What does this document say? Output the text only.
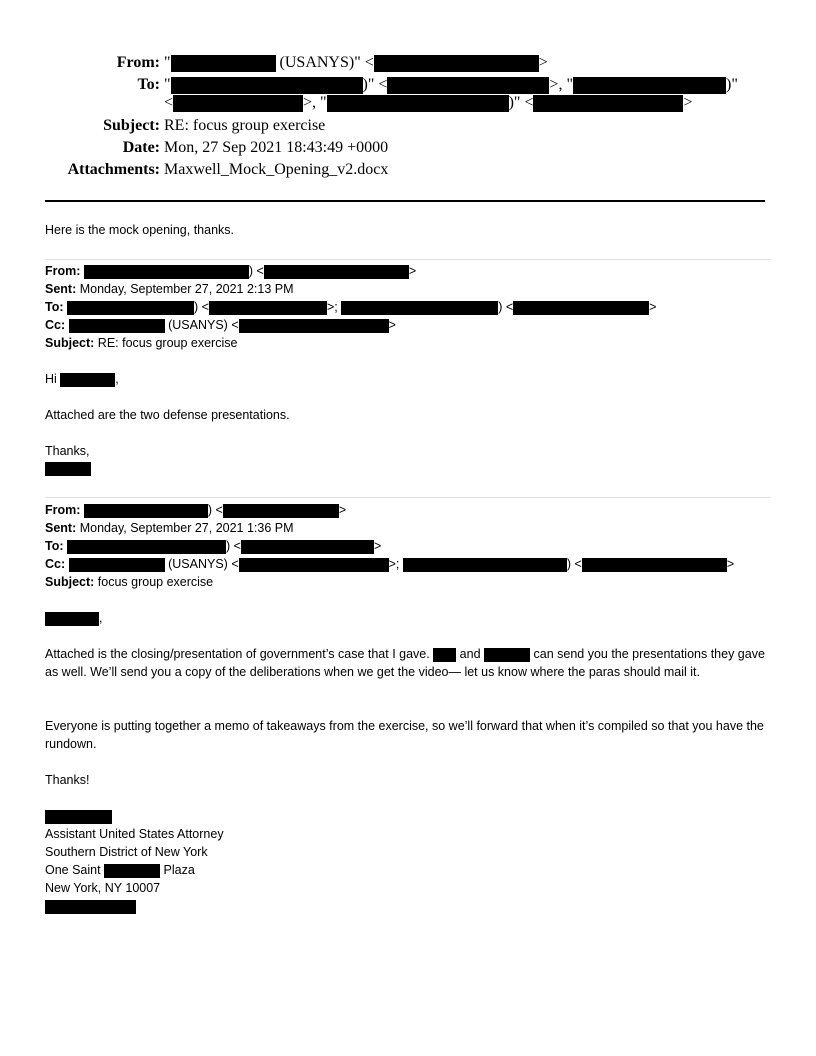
From: "	(USANYS)" <	>
To: "	)" <	>, "	)"
<	>, "	)" <	>
Subject: RE: focus group exercise
Date: Mon, 27 Sep 2021 18:43:49 +0000
Attachments: Maxwell_Mock_Opening_v2.docx
Here is the mock opening, thanks.
From:	) <	>
Sent: Monday, September 27, 2021 2:13 PM
To:	) <	>;	) <	>
Cc:	(USANYS) <	>
Subject: RE: focus group exercise
Hi	,
Attached are the two defense presentations.
Thanks,
From:	) <	>
Sent: Monday, September 27, 2021 1:36 PM
To:	) <	>
Cc:	(USANYS) <	>;	) <	>
Subject: focus group exercise
,
Attached is the closing/presentation of government’s case that I gave.  and	can send you the presentations they gave as well. We’ll send you a copy of the deliberations when we get the video— let us know where the paras should mail it.
Everyone is putting together a memo of takeaways from the exercise, so we’ll forward that when it’s compiled so that you have the rundown.
Thanks!
Assistant United States Attorney
Southern District of New York
One Saint	Plaza
New York, NY 10007
